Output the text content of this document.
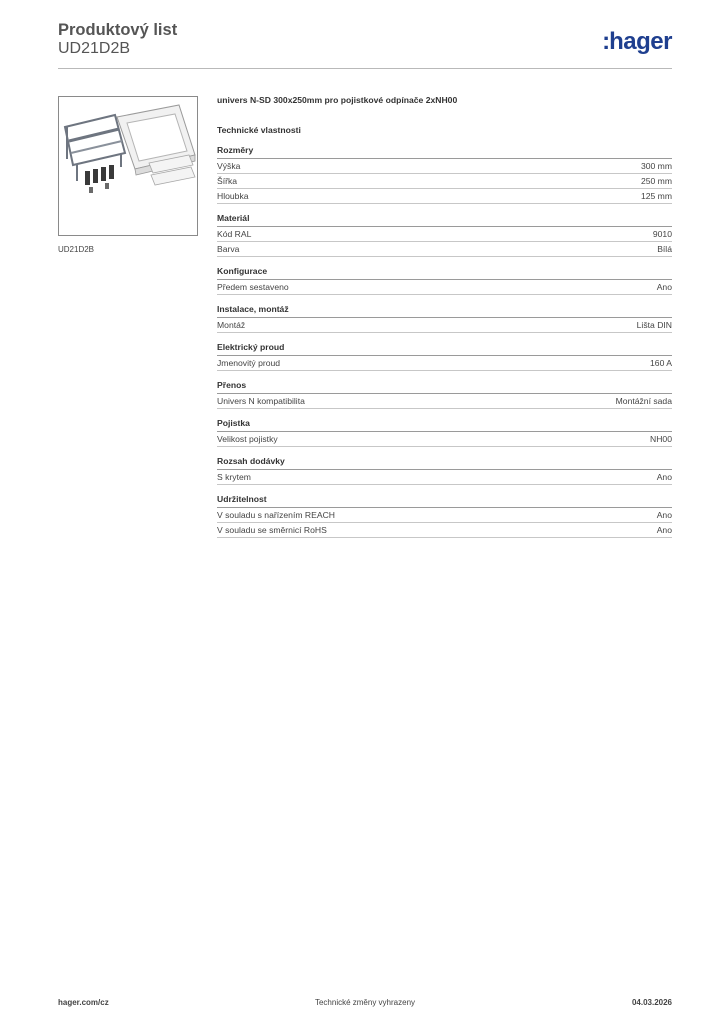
Produktový list
UD21D2B	:hager
UD21D2B
univers N-SD 300x250mm pro pojistkové odpínače 2xNH00
Technické vlastnosti
Rozměry
Výška	300 mm
Šířka	250 mm
Hloubka	125 mm
Materiál
Kód RAL	9010
Barva	Bílá
Konfigurace
Předem sestaveno	Ano
Instalace, montáž
Montáž	Lišta DIN
Elektrický proud
Jmenovitý proud	160 A
Přenos
Univers N kompatibilita	Montážní sada
Pojistka
Velikost pojistky	NH00
Rozsah dodávky
S krytem	Ano
Udržitelnost
V souladu s nařízením REACH	Ano
V souladu se směrnicí RoHS	Ano
hager.com/cz	Technické změny vyhrazeny	04.03.2026
